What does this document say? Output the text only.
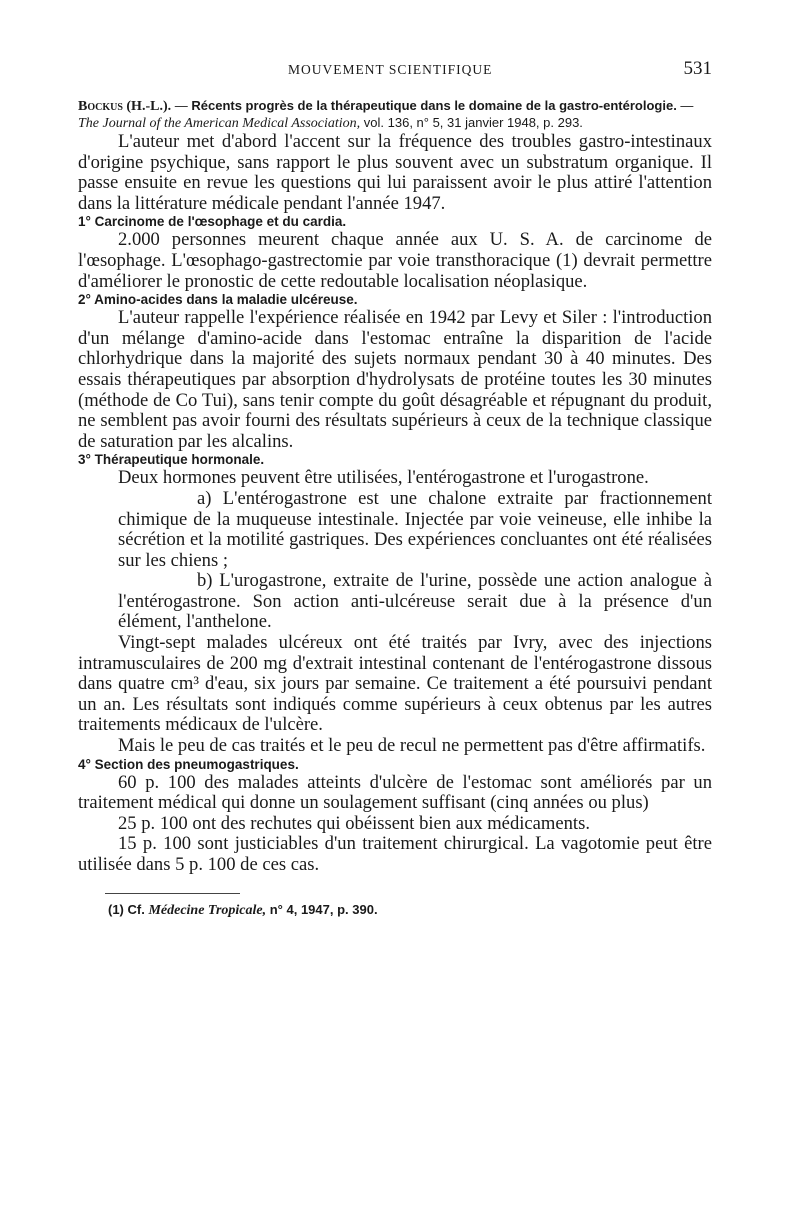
MOUVEMENT SCIENTIFIQUE	531
Bockus (H.-L.). — Récents progrès de la thérapeutique dans le domaine de la gastro-entérologie. — The Journal of the American Medical Association, vol. 136, n° 5, 31 janvier 1948, p. 293.

L'auteur met d'abord l'accent sur la fréquence des troubles gastro-intestinaux d'origine psychique, sans rapport le plus souvent avec un substratum organique. Il passe ensuite en revue les questions qui lui paraissent avoir le plus attiré l'attention dans la littérature médicale pendant l'année 1947.

1° Carcinome de l'œsophage et du cardia.

2.000 personnes meurent chaque année aux U. S. A. de carcinome de l'œsophage. L'œsophago-gastrectomie par voie transthoracique (1) devrait permettre d'améliorer le pronostic de cette redoutable localisation néoplasique.

2° Amino-acides dans la maladie ulcéreuse.

L'auteur rappelle l'expérience réalisée en 1942 par Levy et Siler : l'introduction d'un mélange d'amino-acide dans l'estomac entraîne la disparition de l'acide chlorhydrique dans la majorité des sujets normaux pendant 30 à 40 minutes. Des essais thérapeutiques par absorption d'hydrolysats de protéine toutes les 30 minutes (méthode de Co Tui), sans tenir compte du goût désagréable et répugnant du produit, ne semblent pas avoir fourni des résultats supérieurs à ceux de la technique classique de saturation par les alcalins.

3° Thérapeutique hormonale.

Deux hormones peuvent être utilisées, l'entérogastrone et l'urogastrone.

a) L'entérogastrone est une chalone extraite par fractionnement chimique de la muqueuse intestinale. Injectée par voie veineuse, elle inhibe la sécrétion et la motilité gastriques. Des expériences concluantes ont été réalisées sur les chiens ;

b) L'urogastrone, extraite de l'urine, possède une action analogue à l'entérogastrone. Son action anti-ulcéreuse serait due à la présence d'un élément, l'anthelone.

Vingt-sept malades ulcéreux ont été traités par Ivry, avec des injections intramusculaires de 200 mg d'extrait intestinal contenant de l'entérogastrone dissous dans quatre cm³ d'eau, six jours par semaine. Ce traitement a été poursuivi pendant un an. Les résultats sont indiqués comme supérieurs à ceux obtenus par les autres traitements médicaux de l'ulcère.

Mais le peu de cas traités et le peu de recul ne permettent pas d'être affirmatifs.

4° Section des pneumogastriques.

60 p. 100 des malades atteints d'ulcère de l'estomac sont améliorés par un traitement médical qui donne un soulagement suffisant (cinq années ou plus)

25 p. 100 ont des rechutes qui obéissent bien aux médicaments.

15 p. 100 sont justiciables d'un traitement chirurgical. La vagotomie peut être utilisée dans 5 p. 100 de ces cas.

(1) Cf. Médecine Tropicale, n° 4, 1947, p. 390.
